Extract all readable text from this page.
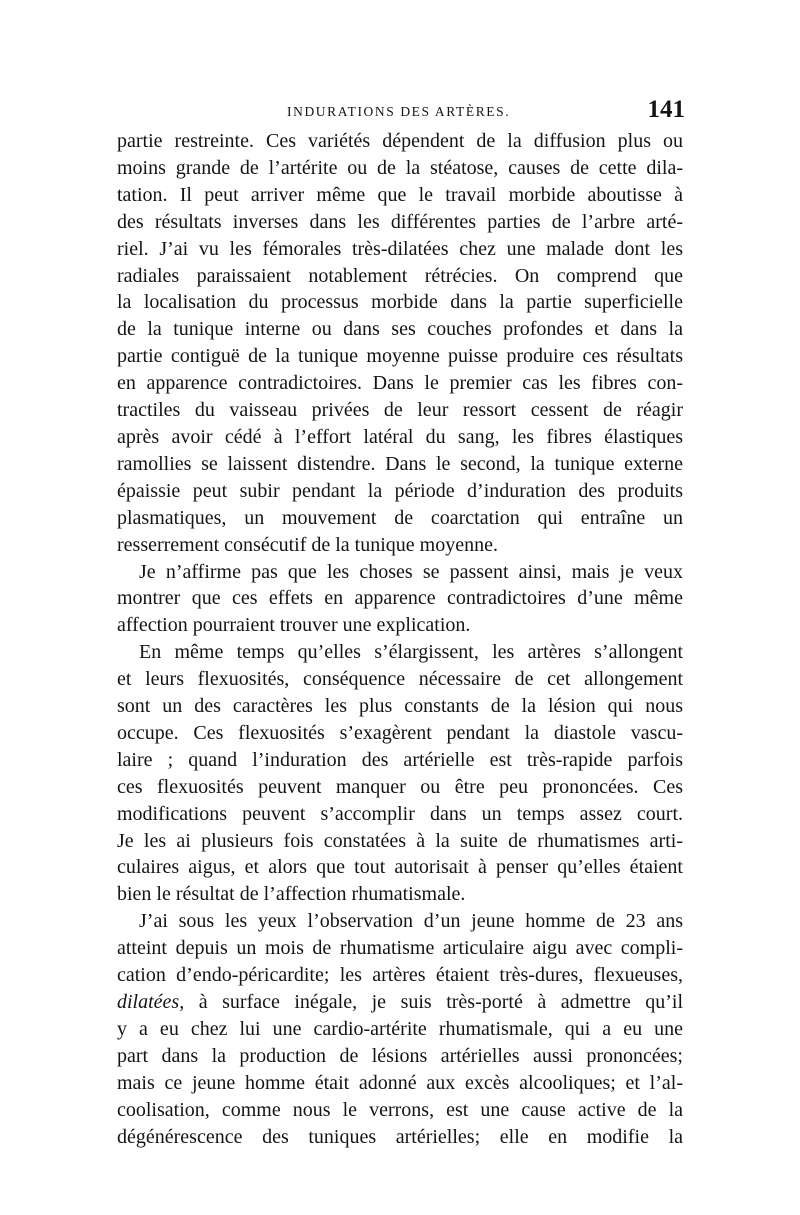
INDURATIONS DES ARTÈRES.	141
partie restreinte. Ces variétés dépendent de la diffusion plus ou
moins grande de l’artérite ou de la stéatose, causes de cette dila-
tation. Il peut arriver même que le travail morbide aboutisse à
des résultats inverses dans les différentes parties de l’arbre arté-
riel. J’ai vu les fémorales très-dilatées chez une malade dont les
radiales paraissaient notablement rétrécies. On comprend que
la localisation du processus morbide dans la partie superficielle
de la tunique interne ou dans ses couches profondes et dans la
partie contiguë de la tunique moyenne puisse produire ces résultats
en apparence contradictoires. Dans le premier cas les fibres con-
tractiles du vaisseau privées de leur ressort cessent de réagir
après avoir cédé à l’effort latéral du sang, les fibres élastiques
ramollies se laissent distendre. Dans le second, la tunique externe
épaissie peut subir pendant la période d’induration des produits
plasmatiques, un mouvement de coarctation qui entraîne un
resserrement consécutif de la tunique moyenne.
Je n’affirme pas que les choses se passent ainsi, mais je veux
montrer que ces effets en apparence contradictoires d’une même
affection pourraient trouver une explication.
En même temps qu’elles s’élargissent, les artères s’allongent
et leurs flexuosités, conséquence nécessaire de cet allongement
sont un des caractères les plus constants de la lésion qui nous
occupe. Ces flexuosités s’exagèrent pendant la diastole vascu-
laire ; quand l’induration des artérielle est très-rapide parfois
ces flexuosités peuvent manquer ou être peu prononcées. Ces
modifications peuvent s’accomplir dans un temps assez court.
Je les ai plusieurs fois constatées à la suite de rhumatismes arti-
culaires aigus, et alors que tout autorisait à penser qu’elles étaient
bien le résultat de l’affection rhumatismale.
J’ai sous les yeux l’observation d’un jeune homme de 23 ans
atteint depuis un mois de rhumatisme articulaire aigu avec compli-
cation d’endo-péricardite; les artères étaient très-dures, flexueuses,
dilatées, à surface inégale, je suis très-porté à admettre qu’il
y a eu chez lui une cardio-artérite rhumatismale, qui a eu une
part dans la production de lésions artérielles aussi prononcées;
mais ce jeune homme était adonné aux excès alcooliques; et l’al-
coolisation, comme nous le verrons, est une cause active de la
dégénérescence des tuniques artérielles; elle en modifie la
